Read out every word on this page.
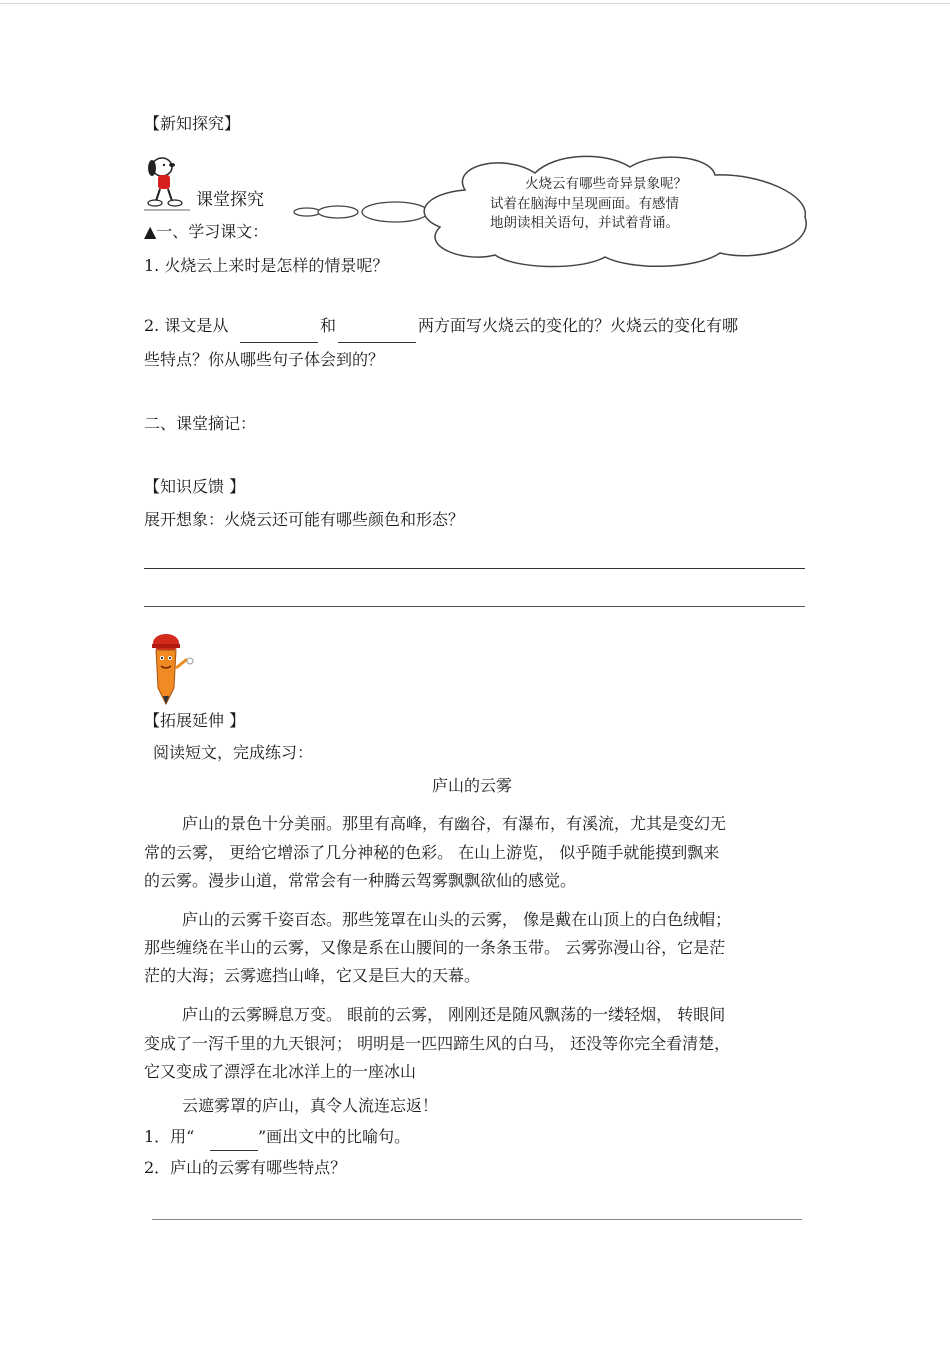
【新知探究】
课堂探究
火烧云有哪些奇异景象呢？
试着在脑海中呈现画面。有感情
地朗读相关语句，并试着背诵。
▲一、学习课文：
1. 火烧云上来时是怎样的情景呢？
2. 课文是从	和	两方面写火烧云的变化的？火烧云的变化有哪
些特点？你从哪些句子体会到的？
二、课堂摘记：
【知识反馈 】
展开想象：火烧云还可能有哪些颜色和形态？
【拓展延伸 】
阅读短文，完成练习：
庐山的云雾
庐山的景色十分美丽。那里有高峰，有幽谷，有瀑布，有溪流，尤其是变幻无
常的云雾， 更给它增添了几分神秘的色彩。 在山上游览， 似乎随手就能摸到飘来
的云雾。漫步山道，常常会有一种腾云驾雾飘飘欲仙的感觉。
庐山的云雾千姿百态。那些笼罩在山头的云雾， 像是戴在山顶上的白色绒帽；
那些缠绕在半山的云雾，又像是系在山腰间的一条条玉带。 云雾弥漫山谷，它是茫
茫的大海；云雾遮挡山峰，它又是巨大的天幕。
庐山的云雾瞬息万变。 眼前的云雾， 刚刚还是随风飘荡的一缕轻烟， 转眼间
变成了一泻千里的九天银河； 明明是一匹四蹄生风的白马， 还没等你完全看清楚，
它又变成了漂浮在北冰洋上的一座冰山
云遮雾罩的庐山，真令人流连忘返！
1．用“	”画出文中的比喻句。
2．庐山的云雾有哪些特点？
